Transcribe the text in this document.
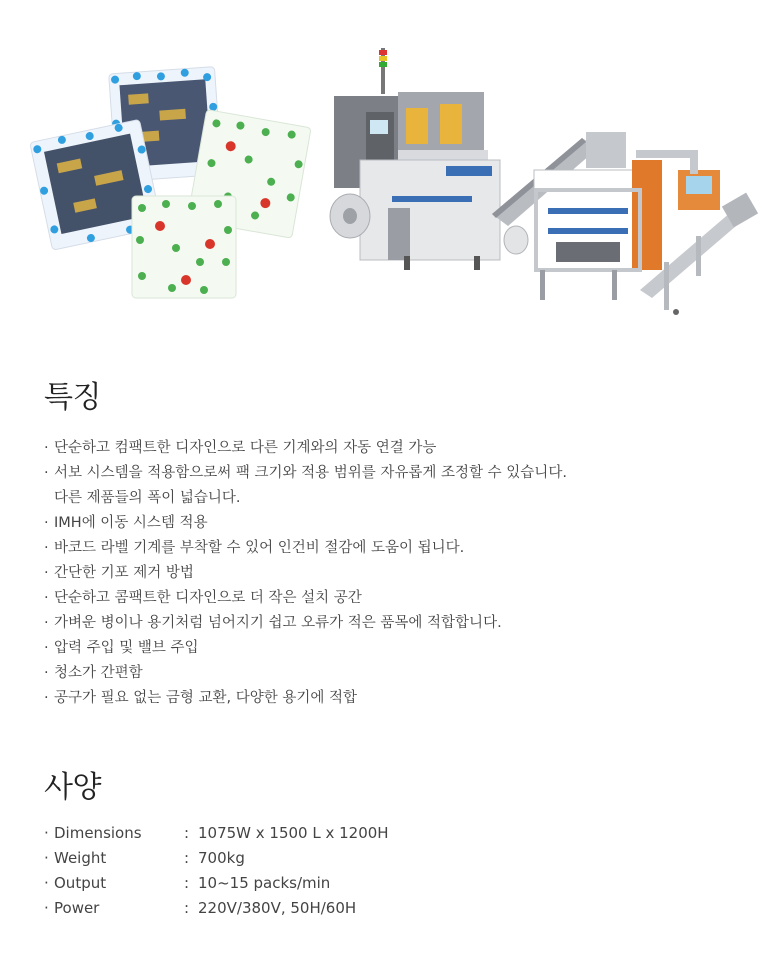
특징
· 단순하고 컴팩트한 디자인으로 다른 기계와의 자동 연결 가능
· 서보 시스템을 적용함으로써 팩 크기와 적용 범위를 자유롭게 조정할 수 있습니다.
다른 제품들의 폭이 넓습니다.
· IMH에 이동 시스템 적용
· 바코드 라벨 기계를 부착할 수 있어 인건비 절감에 도움이 됩니다.
· 간단한 기포 제거 방법
· 단순하고 콤팩트한 디자인으로 더 작은 설치 공간
· 가벼운 병이나 용기처럼 넘어지기 쉽고 오류가 적은 품목에 적합합니다.
· 압력 주입 및 밸브 주입
· 청소가 간편함
· 공구가 필요 없는 금형 교환, 다양한 용기에 적합
사양
· Dimensions	:	1075W x 1500 L x 1200H
· Weight	:	700kg
· Output	:	10~15 packs/min
· Power	:	220V/380V, 50H/60H
